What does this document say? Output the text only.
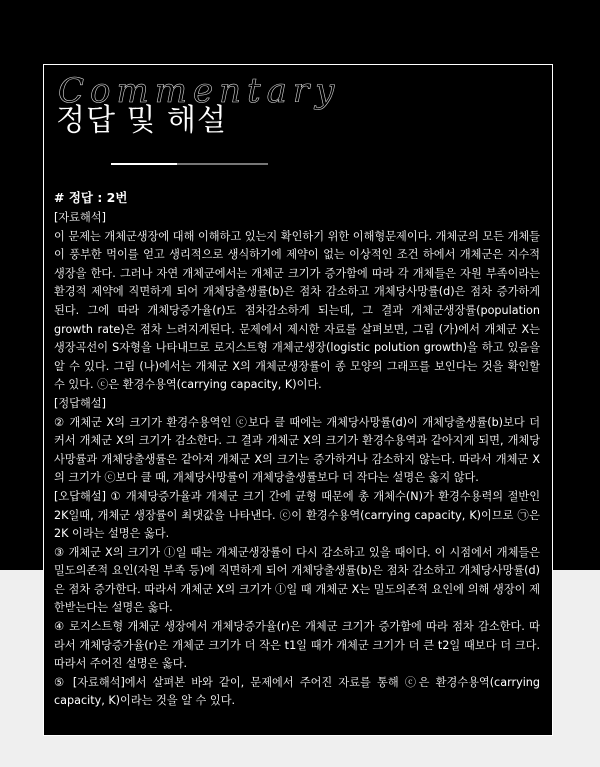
Commentary
정답 및 해설
# 정답 : 2번

[자료해석]

이 문제는 개체군생장에 대해 이해하고 있는지 확인하기 위한 이해형문제이다. 개체군의 모든 개체들이 풍부한 먹이를 얻고 생리적으로 생식하기에 제약이 없는 이상적인 조건 하에서 개체군은 지수적 생장을 한다. 그러나 자연 개체군에서는 개체군 크기가 증가함에 따라 각 개체들은 자원 부족이라는 환경적 제약에 직면하게 되어 개체당출생률(b)은 점차 감소하고 개체당사망률(d)은 점차 증가하게 된다. 그에 따라 개체당증가율(r)도 점차감소하게 되는데, 그 결과 개체군생장률(population growth rate)은 점차 느려지게된다. 문제에서 제시한 자료를 살펴보면, 그림 (가)에서 개체군 X는 생장곡선이 S자형을 나타내므로 로지스트형 개체군생장(logistic polution growth)을 하고 있음을 알 수 있다. 그림 (나)에서는 개체군 X의 개체군생장률이 종 모양의 그래프를 보인다는 것을 확인할 수 있다. ⓒ은 환경수용역(carrying capacity, K)이다.

[정답해설]

② 개체군 X의 크기가 환경수용역인 ⓒ보다 클 때에는 개체당사망률(d)이 개체당출생률(b)보다 더 커서 개체군 X의 크기가 감소한다. 그 결과 개체군 X의 크기가 환경수용역과 같아지게 되면, 개체당사망률과 개체당출생률은 같아져 개체군 X의 크기는 증가하거나 감소하지 않는다. 따라서 개체군 X의 크기가 ⓒ보다 클 때, 개체당사망률이 개체당출생률보다 더 작다는 설명은 옳지 않다.

[오답해설] ① 개체당증가율과 개체군 크기 간에 균형 때문에 총 개체수(N)가 환경수용력의 절반인 2K일때, 개체군 생장률이 최댓값을 나타낸다. ⓒ이 환경수용역(carrying capacity, K)이므로 ㉠은 2K 이라는 설명은 옳다.

③ 개체군 X의 크기가 ⓛ일 때는 개체군생장률이 다시 감소하고 있을 때이다. 이 시점에서 개체들은 밀도의존적 요인(자원 부족 등)에 직면하게 되어 개체당출생률(b)은 점차 감소하고 개체당사망률(d)은 점차 증가한다. 따라서 개체군 X의 크기가 ⓛ일 때 개체군 X는 밀도의존적 요인에 의해 생장이 제한받는다는 설명은 옳다.

④ 로지스트형 개체군 생장에서 개체당증가율(r)은 개체군 크기가 증가함에 따라 점차 감소한다. 따라서 개체당증가율(r)은 개체군 크기가 더 작은 t1일 때가 개체군 크기가 더 큰 t2일 때보다 더 크다. 따라서 주어진 설명은 옳다.

⑤ [자료해석]에서 살펴본 바와 같이, 문제에서 주어진 자료를 통해 ⓒ은 환경수용역(carrying capacity, K)이라는 것을 알 수 있다.
